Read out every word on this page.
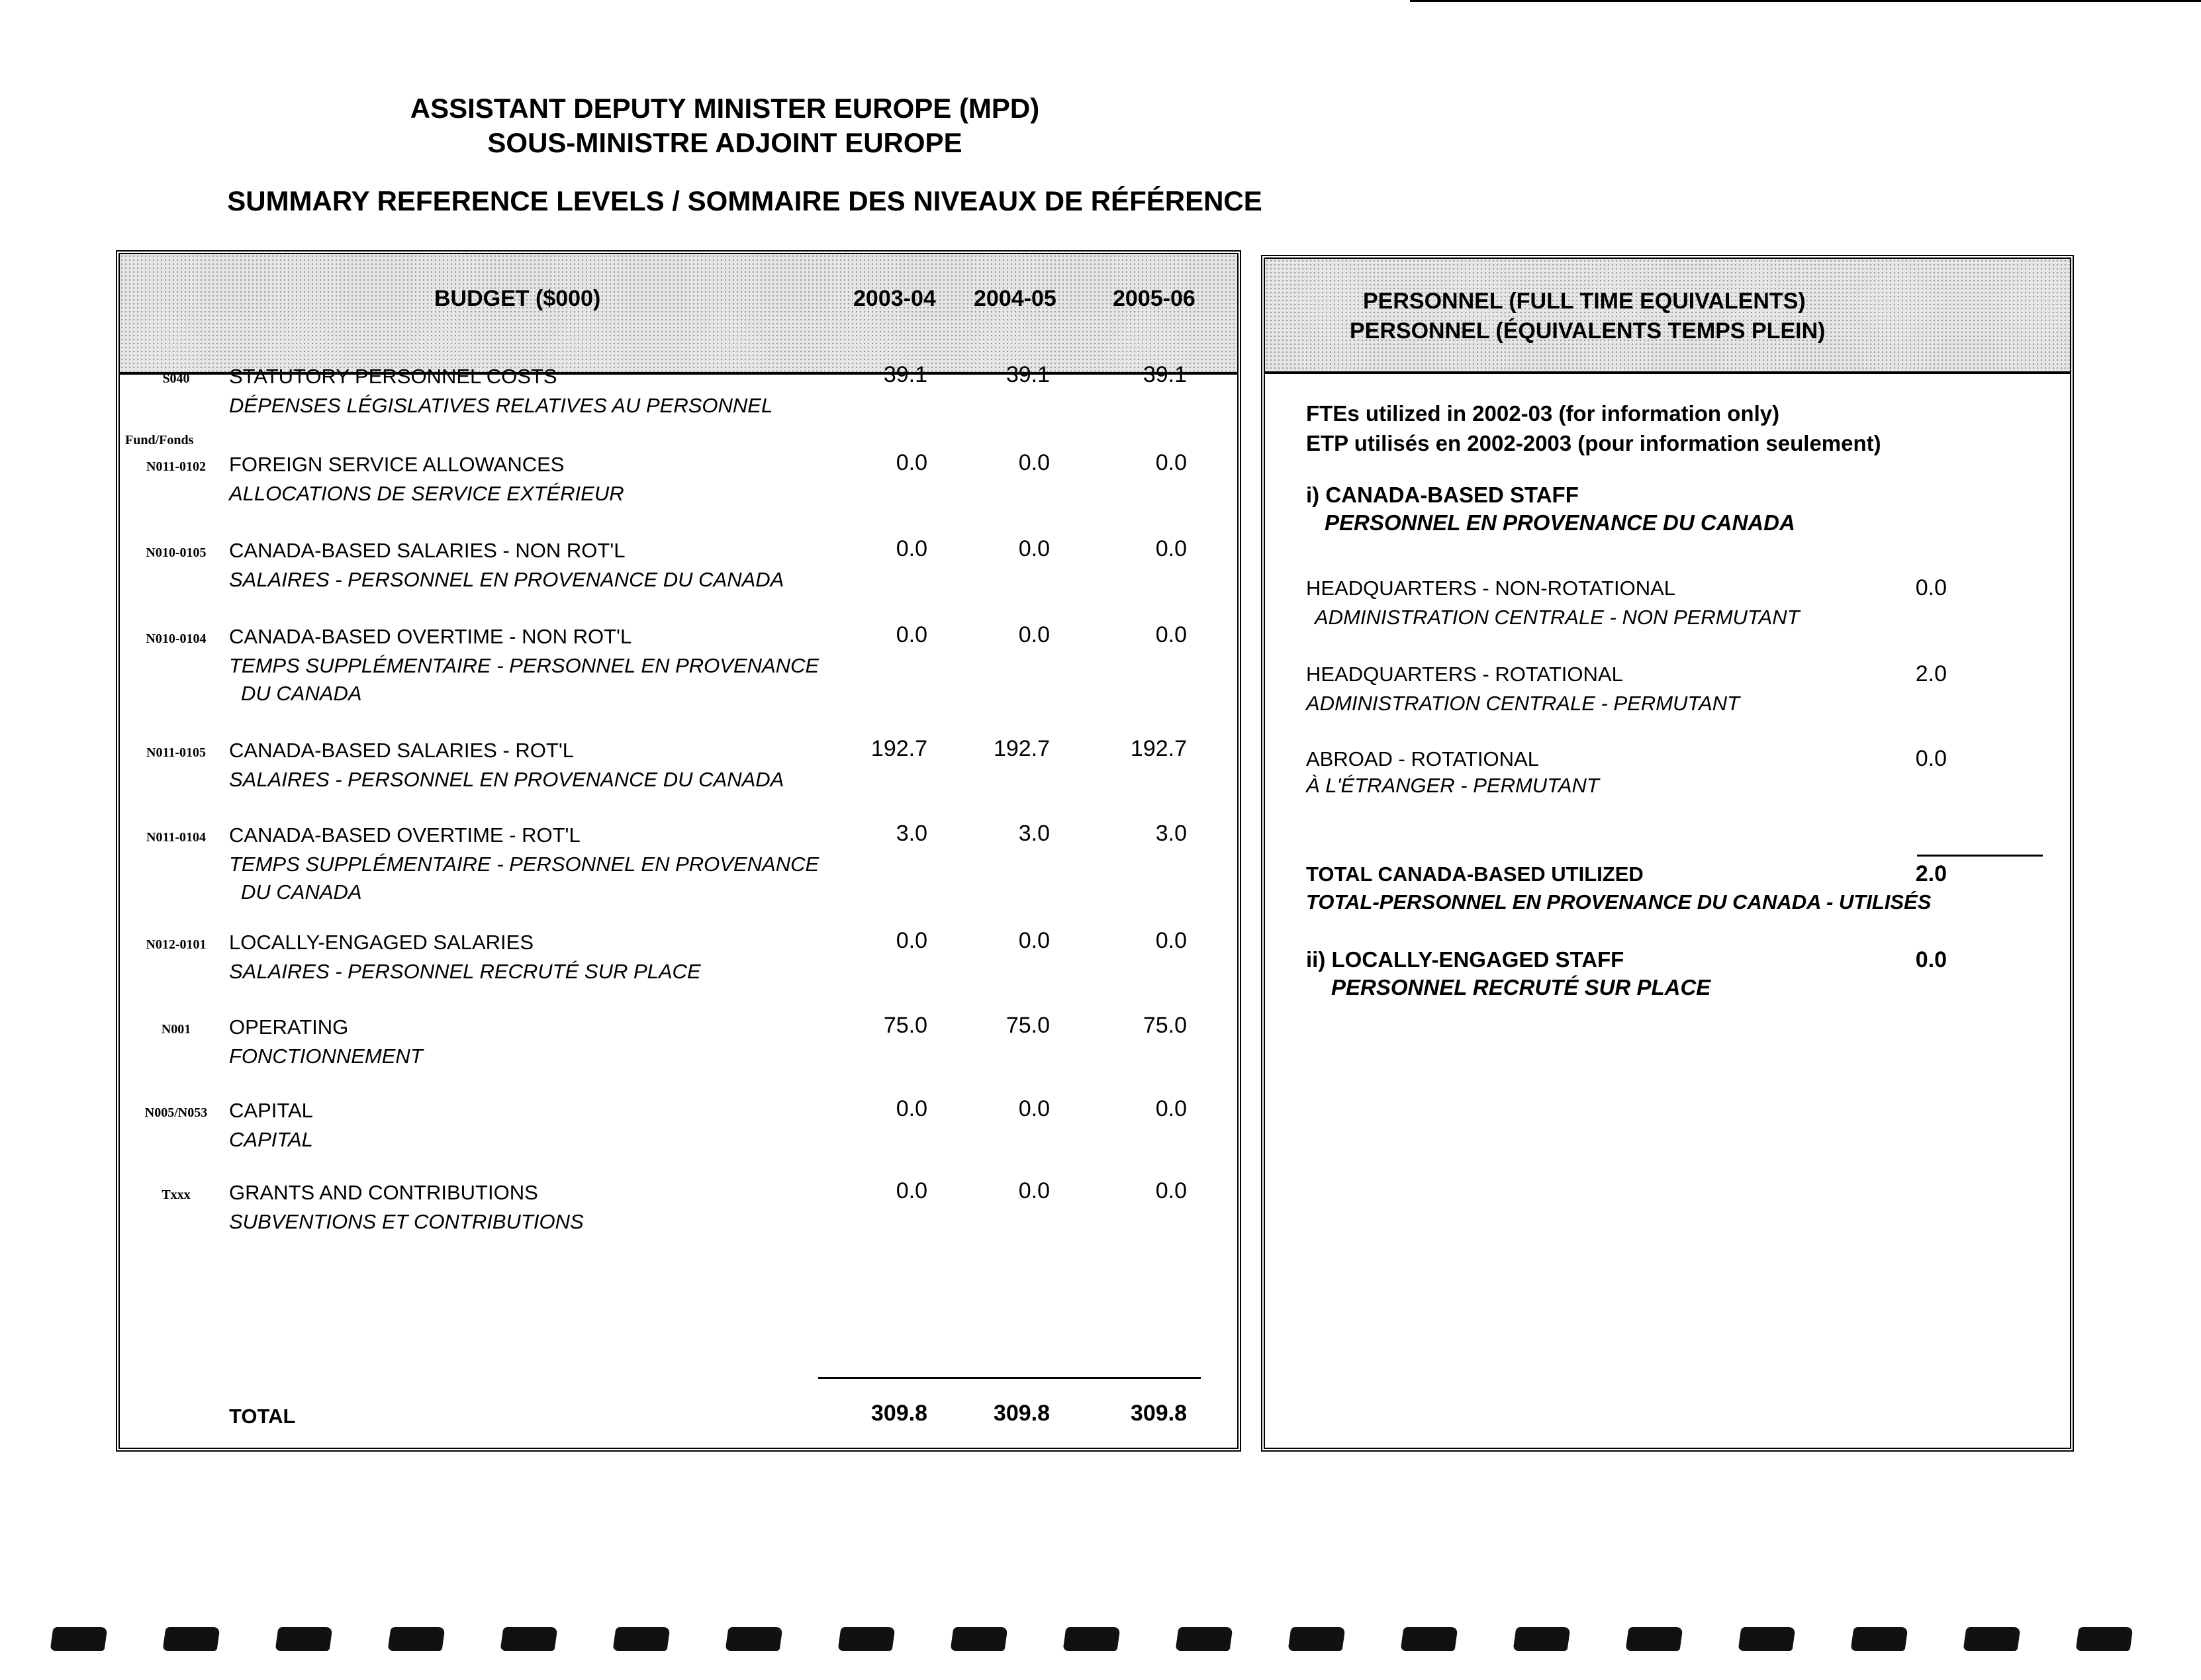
ASSISTANT DEPUTY MINISTER EUROPE (MPD)
SOUS-MINISTRE ADJOINT EUROPE
SUMMARY REFERENCE LEVELS / SOMMAIRE DES NIVEAUX DE RÉFÉRENCE
BUDGET ($000)	2003-04 2004-05	2005-06
Fund/Fonds
S040	STATUTORY PERSONNEL COSTS
DÉPENSES LÉGISLATIVES RELATIVES AU PERSONNEL
39.1	39.1	39.1
N011-0102	FOREIGN SERVICE ALLOWANCES
ALLOCATIONS DE SERVICE EXTÉRIEUR
0.0	0.0	0.0
N010-0105	CANADA-BASED SALARIES - NON ROT'L
SALAIRES - PERSONNEL EN PROVENANCE DU CANADA
0.0	0.0	0.0
N010-0104	CANADA-BASED OVERTIME - NON ROT'L
TEMPS SUPPLÉMENTAIRE - PERSONNEL EN PROVENANCE
DU CANADA
0.0	0.0	0.0
N011-0105	CANADA-BASED SALARIES - ROT'L
SALAIRES - PERSONNEL EN PROVENANCE DU CANADA
192.7	192.7	192.7
N011-0104	CANADA-BASED OVERTIME - ROT'L
TEMPS SUPPLÉMENTAIRE - PERSONNEL EN PROVENANCE
DU CANADA
3.0	3.0	3.0
N012-0101	LOCALLY-ENGAGED SALARIES
SALAIRES - PERSONNEL RECRUTÉ SUR PLACE
0.0	0.0	0.0
N001	OPERATING
FONCTIONNEMENT
75.0	75.0	75.0
N005/N053	CAPITAL
CAPITAL
0.0	0.0	0.0
Txxx	GRANTS AND CONTRIBUTIONS
SUBVENTIONS ET CONTRIBUTIONS
0.0	0.0	0.0
TOTAL	309.8	309.8	309.8
PERSONNEL (FULL TIME EQUIVALENTS)
PERSONNEL (ÉQUIVALENTS TEMPS PLEIN)
FTEs utilized in 2002-03 (for information only)
ETP utilisés en 2002-2003 (pour information seulement)
i) CANADA-BASED STAFF
PERSONNEL EN PROVENANCE DU CANADA
HEADQUARTERS - NON-ROTATIONAL
ADMINISTRATION CENTRALE - NON PERMUTANT
0.0
HEADQUARTERS - ROTATIONAL
ADMINISTRATION CENTRALE - PERMUTANT
2.0
ABROAD - ROTATIONAL
À L'ÉTRANGER - PERMUTANT
0.0
TOTAL CANADA-BASED UTILIZED
TOTAL-PERSONNEL EN PROVENANCE DU CANADA - UTILISÉS
2.0
ii) LOCALLY-ENGAGED STAFF
PERSONNEL RECRUTÉ SUR PLACE
0.0
